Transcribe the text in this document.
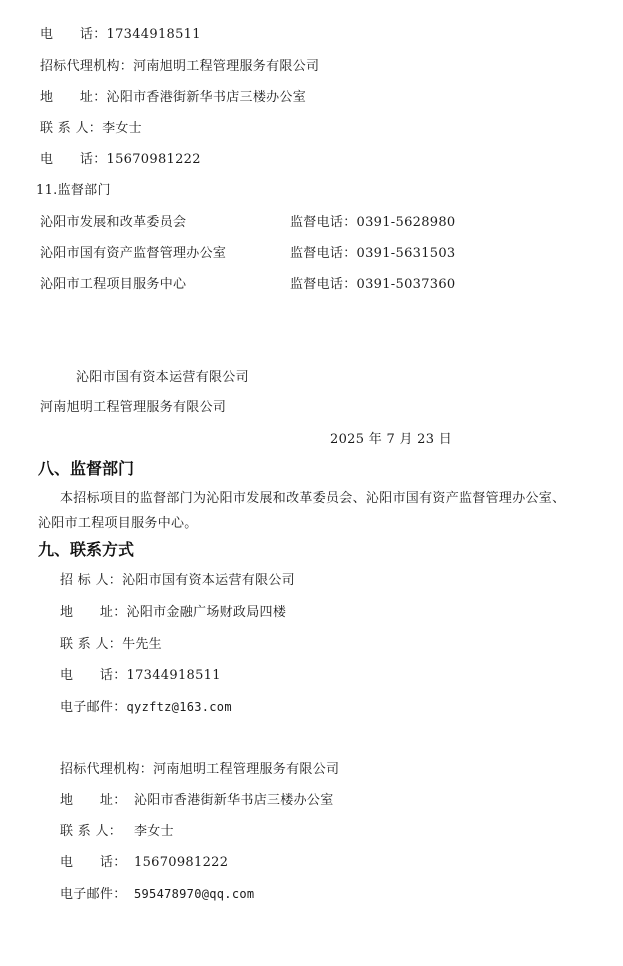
电　　话：17344918511
招标代理机构：河南旭明工程管理服务有限公司
地　　址：沁阳市香港街新华书店三楼办公室
联 系 人：李女士
电　　话：15670981222
11.监督部门
沁阳市发展和改革委员会	监督电话：0391-5628980
沁阳市国有资产监督管理办公室	监督电话：0391-5631503
沁阳市工程项目服务中心	监督电话：0391-5037360
沁阳市国有资本运营有限公司
河南旭明工程管理服务有限公司
2025 年 7 月 23 日
八、监督部门
本招标项目的监督部门为沁阳市发展和改革委员会、沁阳市国有资产监督管理办公室、
沁阳市工程项目服务中心。
九、联系方式
招 标 人：沁阳市国有资本运营有限公司
地　　址：沁阳市金融广场财政局四楼
联 系 人：牛先生
电　　话：17344918511
电子邮件：qyzftz@163.com
招标代理机构：河南旭明工程管理服务有限公司
地　　址： 沁阳市香港街新华书店三楼办公室
联 系 人： 李女士
电　　话： 15670981222
电子邮件： 595478970@qq.com
